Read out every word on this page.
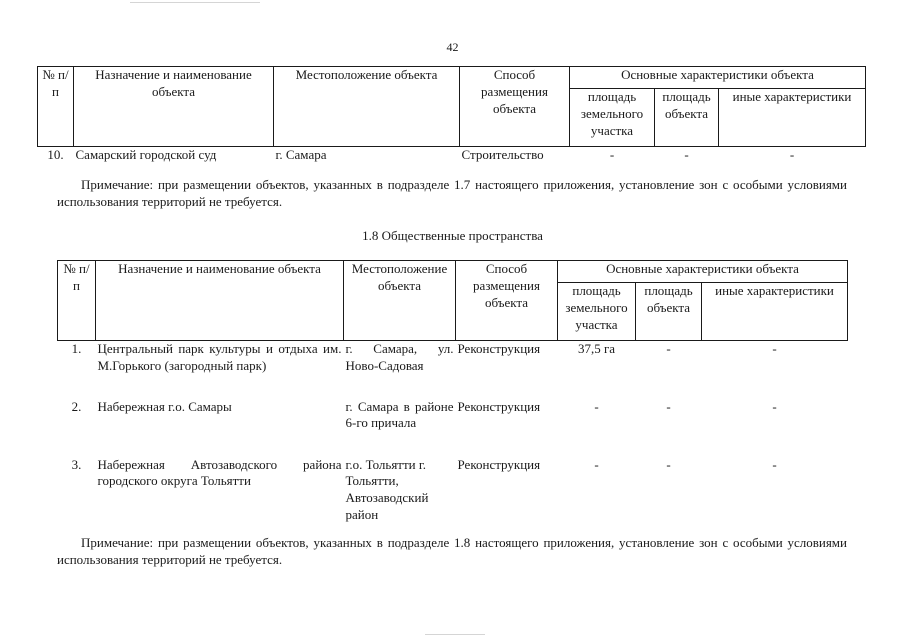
42
№ п/п	Назначение и наименование объекта	Местоположение объекта	Способ размещения объекта	Основные характеристики объекта		
				площадь земельного участка	площадь объекта	иные характеристики
10.	Самарский городской суд	г. Самара	Строительство	-	-	-
Примечание: при размещении объектов, указанных в подразделе 1.7 настоящего приложения, установление зон с особыми условиями использования территорий не требуется.
1.8 Общественные пространства
№ п/п	Назначение и наименование объекта	Местоположение объекта	Способ размещения объекта	Основные характеристики объекта		
				площадь земельного участка	площадь объекта	иные характеристики
1.	Центральный парк культуры и отдыха им. М.Горького (загородный парк)	г. Самара, ул. Ново-Садовая	Реконструкция	37,5 га	-	-
2.	Набережная г.о. Самары	г. Самара в районе 6-го причала	Реконструкция	-	-	-
3.	Набережная Автозаводского района городского округа Тольятти	г.о. Тольятти г. Тольятти, Автозаводский район	Реконструкция	-	-	-
Примечание: при размещении объектов, указанных в подразделе 1.8 настоящего приложения, установление зон с особыми условиями использования территорий не требуется.
